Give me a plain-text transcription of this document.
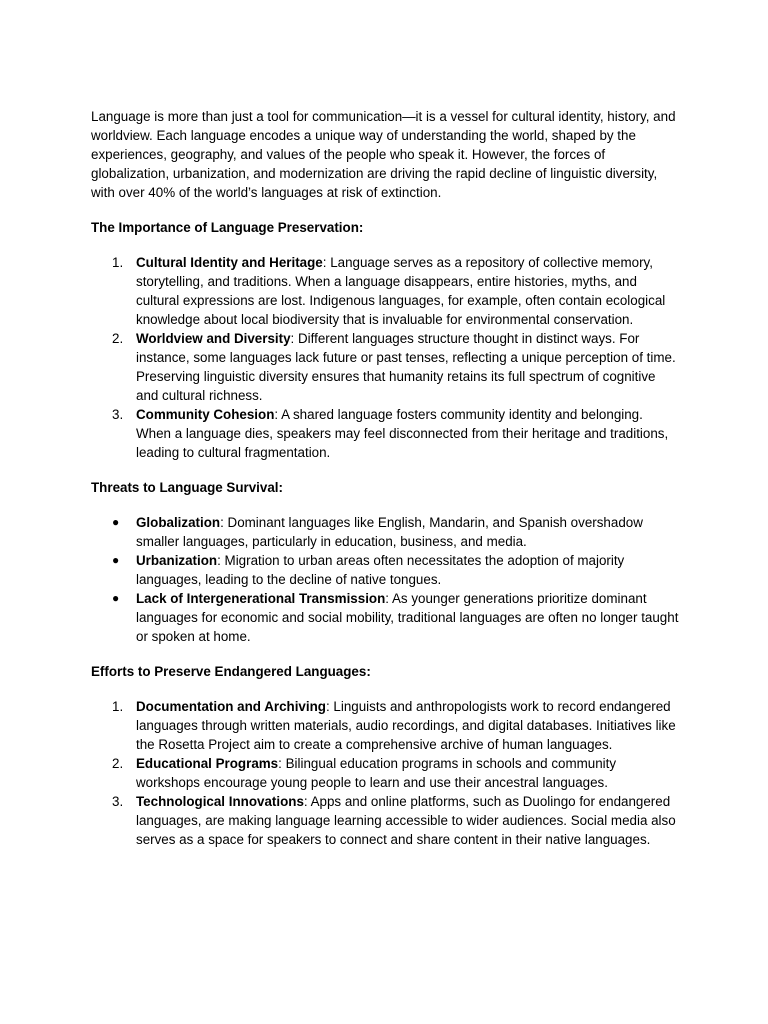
Language is more than just a tool for communication—it is a vessel for cultural identity, history, and worldview. Each language encodes a unique way of understanding the world, shaped by the experiences, geography, and values of the people who speak it. However, the forces of globalization, urbanization, and modernization are driving the rapid decline of linguistic diversity, with over 40% of the world’s languages at risk of extinction.

The Importance of Language Preservation:
1. Cultural Identity and Heritage: Language serves as a repository of collective memory, storytelling, and traditions. When a language disappears, entire histories, myths, and cultural expressions are lost. Indigenous languages, for example, often contain ecological knowledge about local biodiversity that is invaluable for environmental conservation.
2. Worldview and Diversity: Different languages structure thought in distinct ways. For instance, some languages lack future or past tenses, reflecting a unique perception of time. Preserving linguistic diversity ensures that humanity retains its full spectrum of cognitive and cultural richness.
3. Community Cohesion: A shared language fosters community identity and belonging. When a language dies, speakers may feel disconnected from their heritage and traditions, leading to cultural fragmentation.
Threats to Language Survival:
● Globalization: Dominant languages like English, Mandarin, and Spanish overshadow smaller languages, particularly in education, business, and media.
● Urbanization: Migration to urban areas often necessitates the adoption of majority languages, leading to the decline of native tongues.
● Lack of Intergenerational Transmission: As younger generations prioritize dominant languages for economic and social mobility, traditional languages are often no longer taught or spoken at home.
Efforts to Preserve Endangered Languages:
1. Documentation and Archiving: Linguists and anthropologists work to record endangered languages through written materials, audio recordings, and digital databases. Initiatives like the Rosetta Project aim to create a comprehensive archive of human languages.
2. Educational Programs: Bilingual education programs in schools and community workshops encourage young people to learn and use their ancestral languages.
3. Technological Innovations: Apps and online platforms, such as Duolingo for endangered languages, are making language learning accessible to wider audiences. Social media also serves as a space for speakers to connect and share content in their native languages.
